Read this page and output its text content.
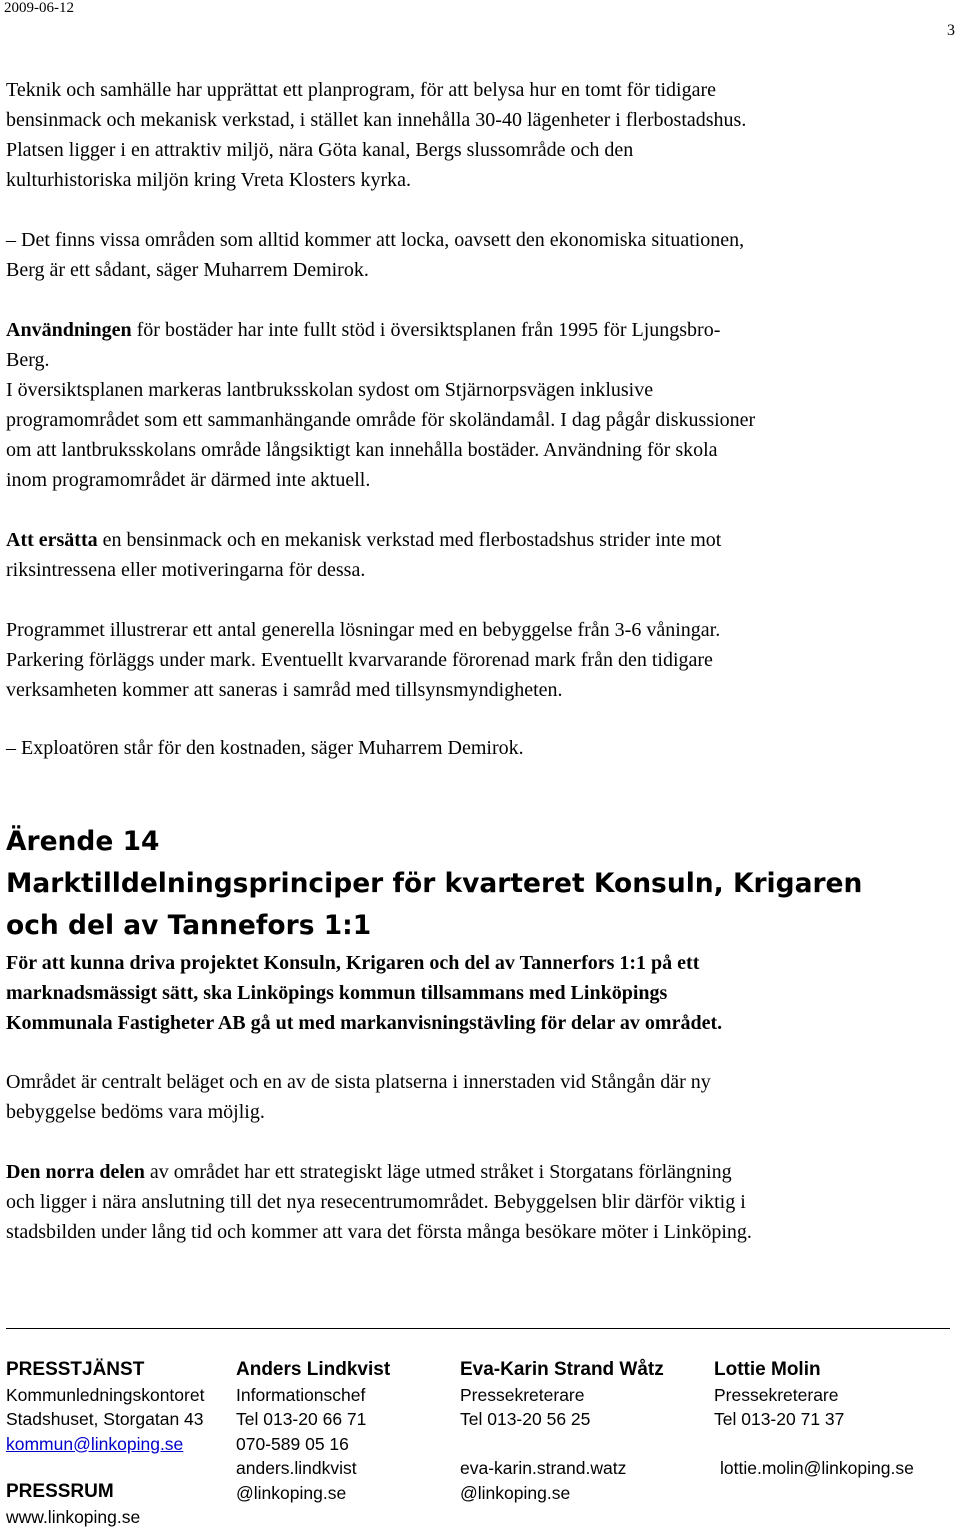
2009-06-12
3
Teknik och samhälle har upprättat ett planprogram, för att belysa hur en tomt för tidigare
bensinmack och mekanisk verkstad, i stället kan innehålla 30-40 lägenheter i flerbostadshus.
Platsen ligger i en attraktiv miljö, nära Göta kanal, Bergs slussområde och den
kulturhistoriska miljön kring Vreta Klosters kyrka.
– Det finns vissa områden som alltid kommer att locka, oavsett den ekonomiska situationen,
Berg är ett sådant, säger Muharrem Demirok.
Användningen för bostäder har inte fullt stöd i översiktsplanen från 1995 för Ljungsbro-
Berg.
I översiktsplanen markeras lantbruksskolan sydost om Stjärnorpsvägen inklusive
programområdet som ett sammanhängande område för skoländamål. I dag pågår diskussioner
om att lantbruksskolans område långsiktigt kan innehålla bostäder. Användning för skola
inom programområdet är därmed inte aktuell.
Att ersätta en bensinmack och en mekanisk verkstad med flerbostadshus strider inte mot
riksintressena eller motiveringarna för dessa.
Programmet illustrerar ett antal generella lösningar med en bebyggelse från 3-6 våningar.
Parkering förläggs under mark. Eventuellt kvarvarande förorenad mark från den tidigare
verksamheten kommer att saneras i samråd med tillsynsmyndigheten.
– Exploatören står för den kostnaden, säger Muharrem Demirok.
Ärende 14
Marktilldelningsprinciper för kvarteret Konsuln, Krigaren
och del av Tannefors 1:1
För att kunna driva projektet Konsuln, Krigaren och del av Tannerfors 1:1 på ett
marknadsmässigt sätt, ska Linköpings kommun tillsammans med Linköpings
Kommunala Fastigheter AB gå ut med markanvisningstävling för delar av området.
Området är centralt beläget och en av de sista platserna i innerstaden vid Stångån där ny
bebyggelse bedöms vara möjlig.
Den norra delen av området har ett strategiskt läge utmed stråket i Storgatans förlängning
och ligger i nära anslutning till det nya resecentrumområdet. Bebyggelsen blir därför viktig i
stadsbilden under lång tid och kommer att vara det första många besökare möter i Linköping.
PRESSTJÄNST
Kommunledningskontoret
Stadshuset, Storgatan 43
kommun@linkoping.se
PRESSRUM
www.linkoping.se
Anders Lindkvist
Informationschef
Tel 013-20 66 71
070-589 05 16
anders.lindkvist
@linkoping.se
Eva-Karin Strand Wåtz
Pressekreterare
Tel 013-20 56 25
eva-karin.strand.watz
@linkoping.se
Lottie Molin
Pressekreterare
Tel 013-20 71 37
lottie.molin@linkoping.se
